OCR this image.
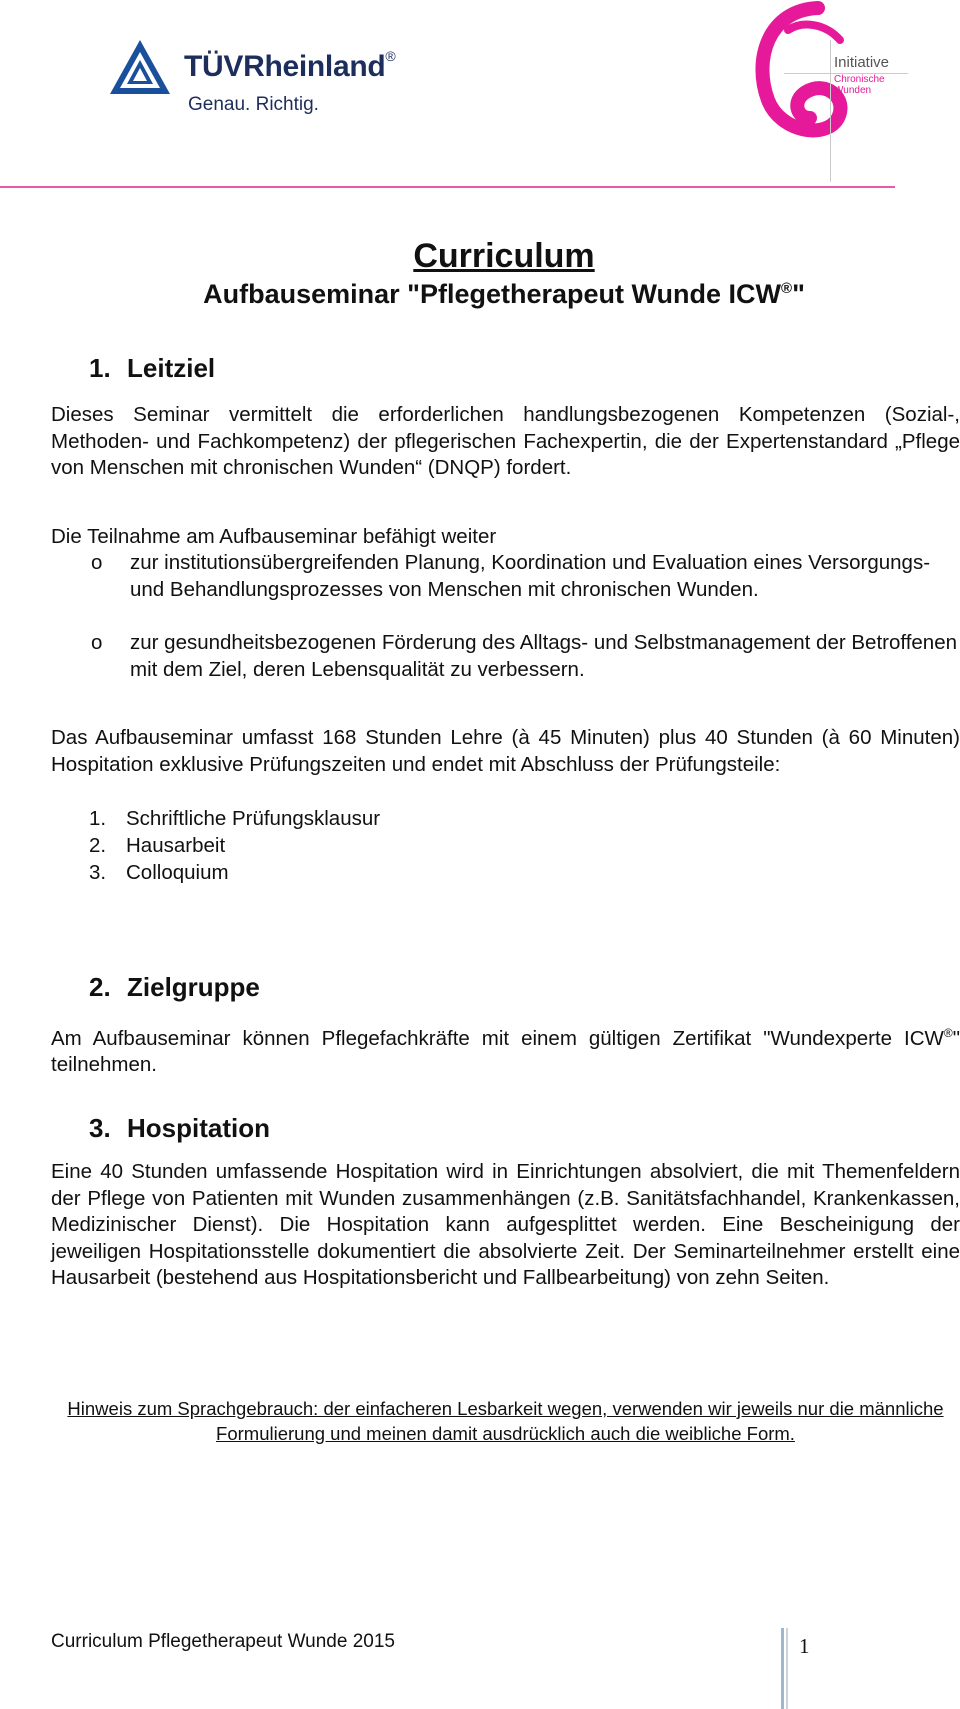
TÜVRheinland®
Genau. Richtig.
Initiative
Chronische
Wunden
Curriculum
Aufbauseminar "Pflegetherapeut Wunde ICW®"
1. Leitziel

Dieses Seminar vermittelt die erforderlichen handlungsbezogenen Kompetenzen (Sozial-, Methoden- und Fachkompetenz) der pflegerischen Fachexpertin, die der Expertenstandard „Pflege von Menschen mit chronischen Wunden“ (DNQP) fordert.

Die Teilnahme am Aufbauseminar befähigt weiter
o zur institutionsübergreifenden Planung, Koordination und Evaluation eines Versorgungs- und Behandlungsprozesses von Menschen mit chronischen Wunden.
o zur gesundheitsbezogenen Förderung des Alltags- und Selbstmanagement der Betroffenen mit dem Ziel, deren Lebensqualität zu verbessern.

Das Aufbauseminar umfasst 168 Stunden Lehre (à 45 Minuten) plus 40 Stunden (à 60 Minuten) Hospitation exklusive Prüfungszeiten und endet mit Abschluss der Prüfungsteile:

1. Schriftliche Prüfungsklausur
2. Hausarbeit
3. Colloquium
2. Zielgruppe

Am Aufbauseminar können Pflegefachkräfte mit einem gültigen Zertifikat "Wundexperte ICW®" teilnehmen.

3. Hospitation

Eine 40 Stunden umfassende Hospitation wird in Einrichtungen absolviert, die mit Themenfeldern der Pflege von Patienten mit Wunden zusammenhängen (z.B. Sanitätsfachhandel, Krankenkassen, Medizinischer Dienst). Die Hospitation kann aufgesplittet werden. Eine Bescheinigung der jeweiligen Hospitationsstelle dokumentiert die absolvierte Zeit. Der Seminarteilnehmer erstellt eine Hausarbeit (bestehend aus Hospitationsbericht und Fallbearbeitung) von zehn Seiten.

Hinweis zum Sprachgebrauch: der einfacheren Lesbarkeit wegen, verwenden wir jeweils nur die männliche Formulierung und meinen damit ausdrücklich auch die weibliche Form.

Curriculum Pflegetherapeut Wunde 2015	1
